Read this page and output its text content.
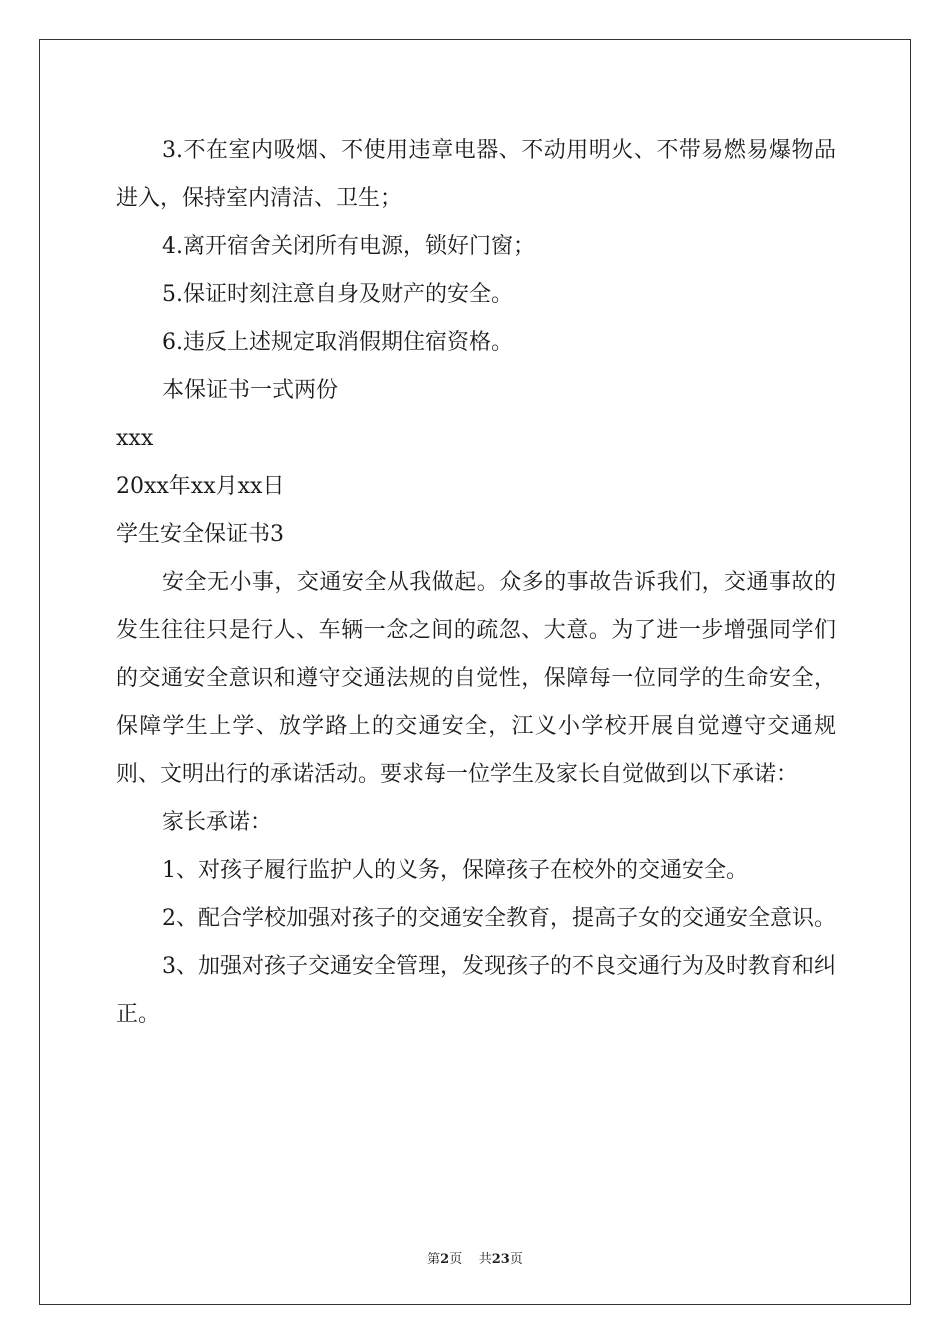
3.不在室内吸烟、不使用违章电器、不动用明火、不带易燃易爆物品进入，保持室内清洁、卫生；

4.离开宿舍关闭所有电源，锁好门窗；

5.保证时刻注意自身及财产的安全。

6.违反上述规定取消假期住宿资格。

本保证书一式两份

xxx

20xx年xx月xx日

学生安全保证书3

安全无小事，交通安全从我做起。众多的事故告诉我们，交通事故的发生往往只是行人、车辆一念之间的疏忽、大意。为了进一步增强同学们的交通安全意识和遵守交通法规的自觉性，保障每一位同学的生命安全，保障学生上学、放学路上的交通安全，江义小学校开展自觉遵守交通规则、文明出行的承诺活动。要求每一位学生及家长自觉做到以下承诺：

家长承诺：

1、对孩子履行监护人的义务，保障孩子在校外的交通安全。

2、配合学校加强对孩子的交通安全教育，提高子女的交通安全意识。

3、加强对孩子交通安全管理，发现孩子的不良交通行为及时教育和纠正。

第2页 共23页
